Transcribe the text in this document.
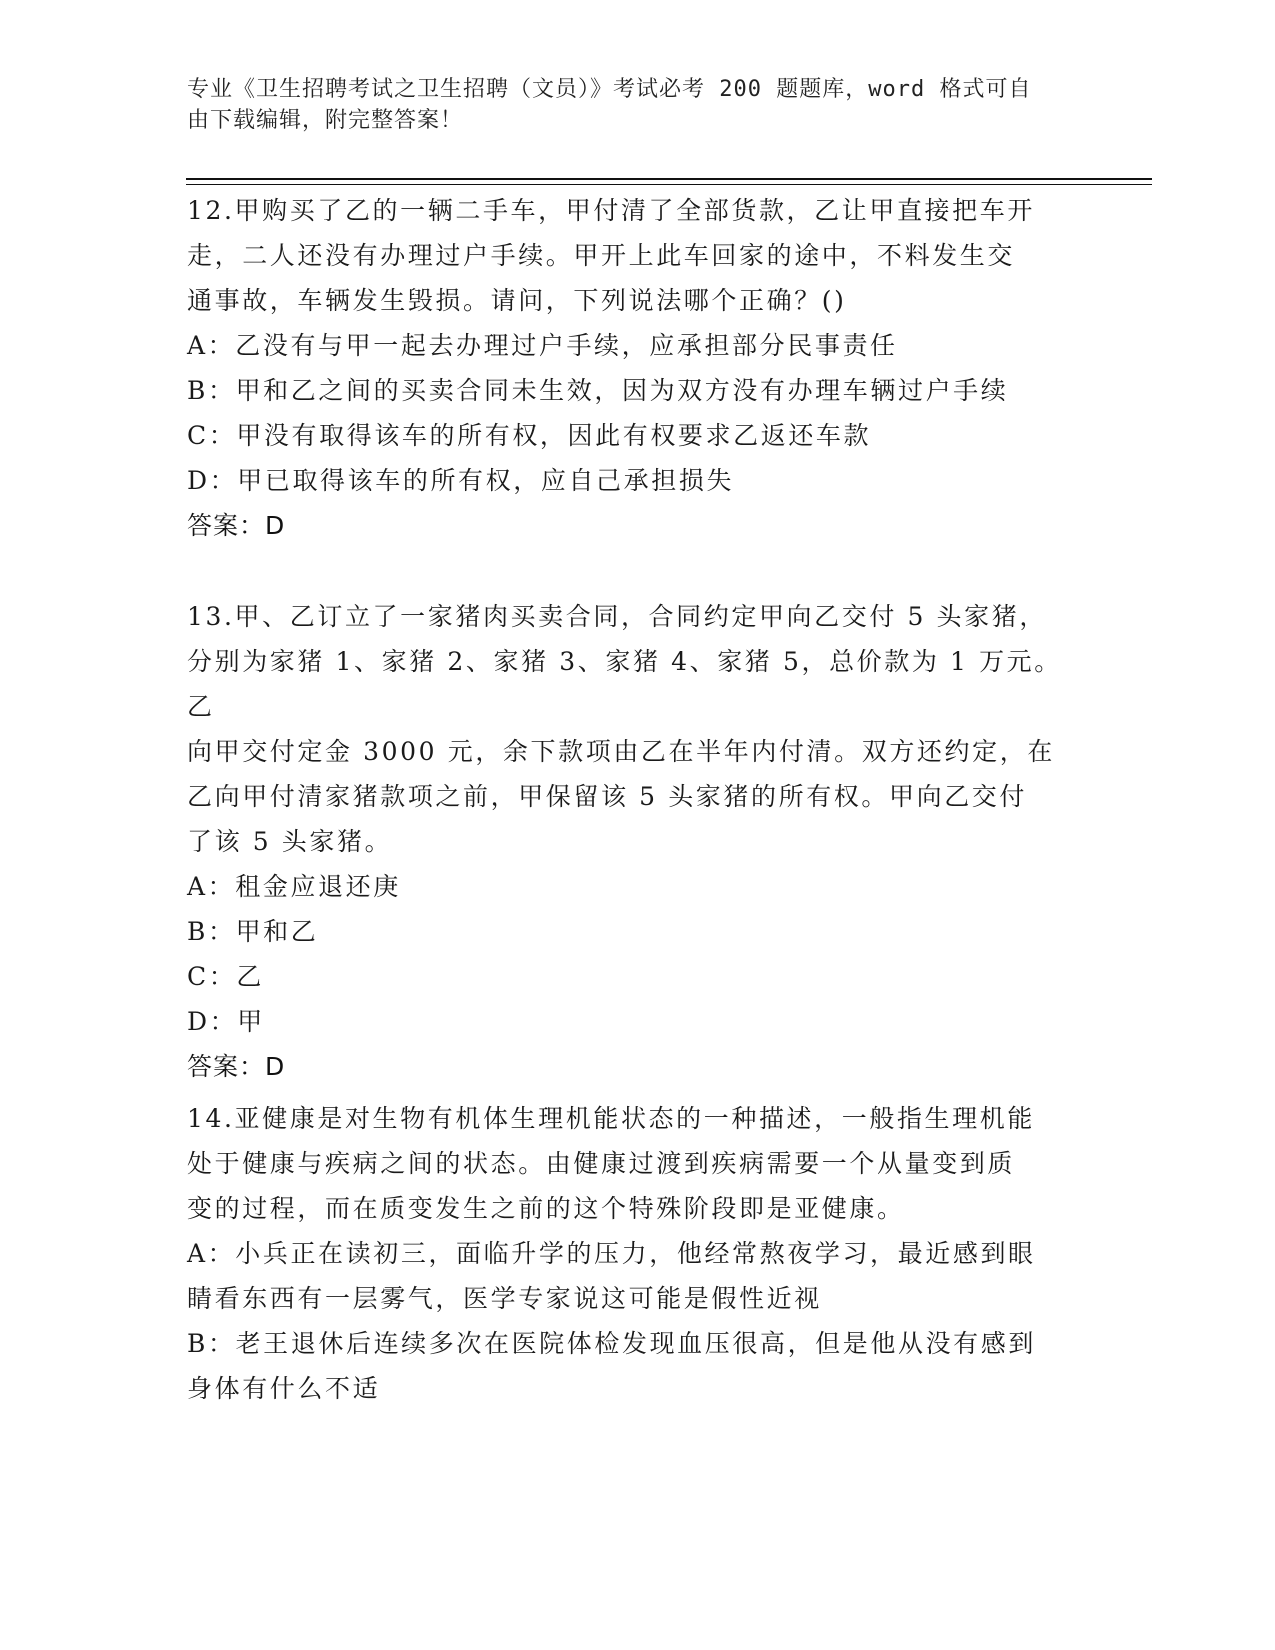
专业《卫生招聘考试之卫生招聘（文员）》考试必考 200 题题库，word 格式可自
由下载编辑，附完整答案！

12.甲购买了乙的一辆二手车，甲付清了全部货款，乙让甲直接把车开

走，二人还没有办理过户手续。甲开上此车回家的途中，不料发生交

通事故，车辆发生毁损。请问，下列说法哪个正确？()

A：乙没有与甲一起去办理过户手续，应承担部分民事责任

B：甲和乙之间的买卖合同未生效，因为双方没有办理车辆过户手续

C：甲没有取得该车的所有权，因此有权要求乙返还车款

D：甲已取得该车的所有权，应自己承担损失

答案：D

13.甲、乙订立了一家猪肉买卖合同，合同约定甲向乙交付 5 头家猪，

分别为家猪 1、家猪 2、家猪 3、家猪 4、家猪 5，总价款为 1 万元。乙

向甲交付定金 3000 元，余下款项由乙在半年内付清。双方还约定，在

乙向甲付清家猪款项之前，甲保留该 5 头家猪的所有权。甲向乙交付

了该 5 头家猪。

A：租金应退还庚

B：甲和乙

C：乙

D：甲

答案：D

14.亚健康是对生物有机体生理机能状态的一种描述，一般指生理机能

处于健康与疾病之间的状态。由健康过渡到疾病需要一个从量变到质

变的过程，而在质变发生之前的这个特殊阶段即是亚健康。

A：小兵正在读初三，面临升学的压力，他经常熬夜学习，最近感到眼

睛看东西有一层雾气，医学专家说这可能是假性近视

B：老王退休后连续多次在医院体检发现血压很高，但是他从没有感到

身体有什么不适
